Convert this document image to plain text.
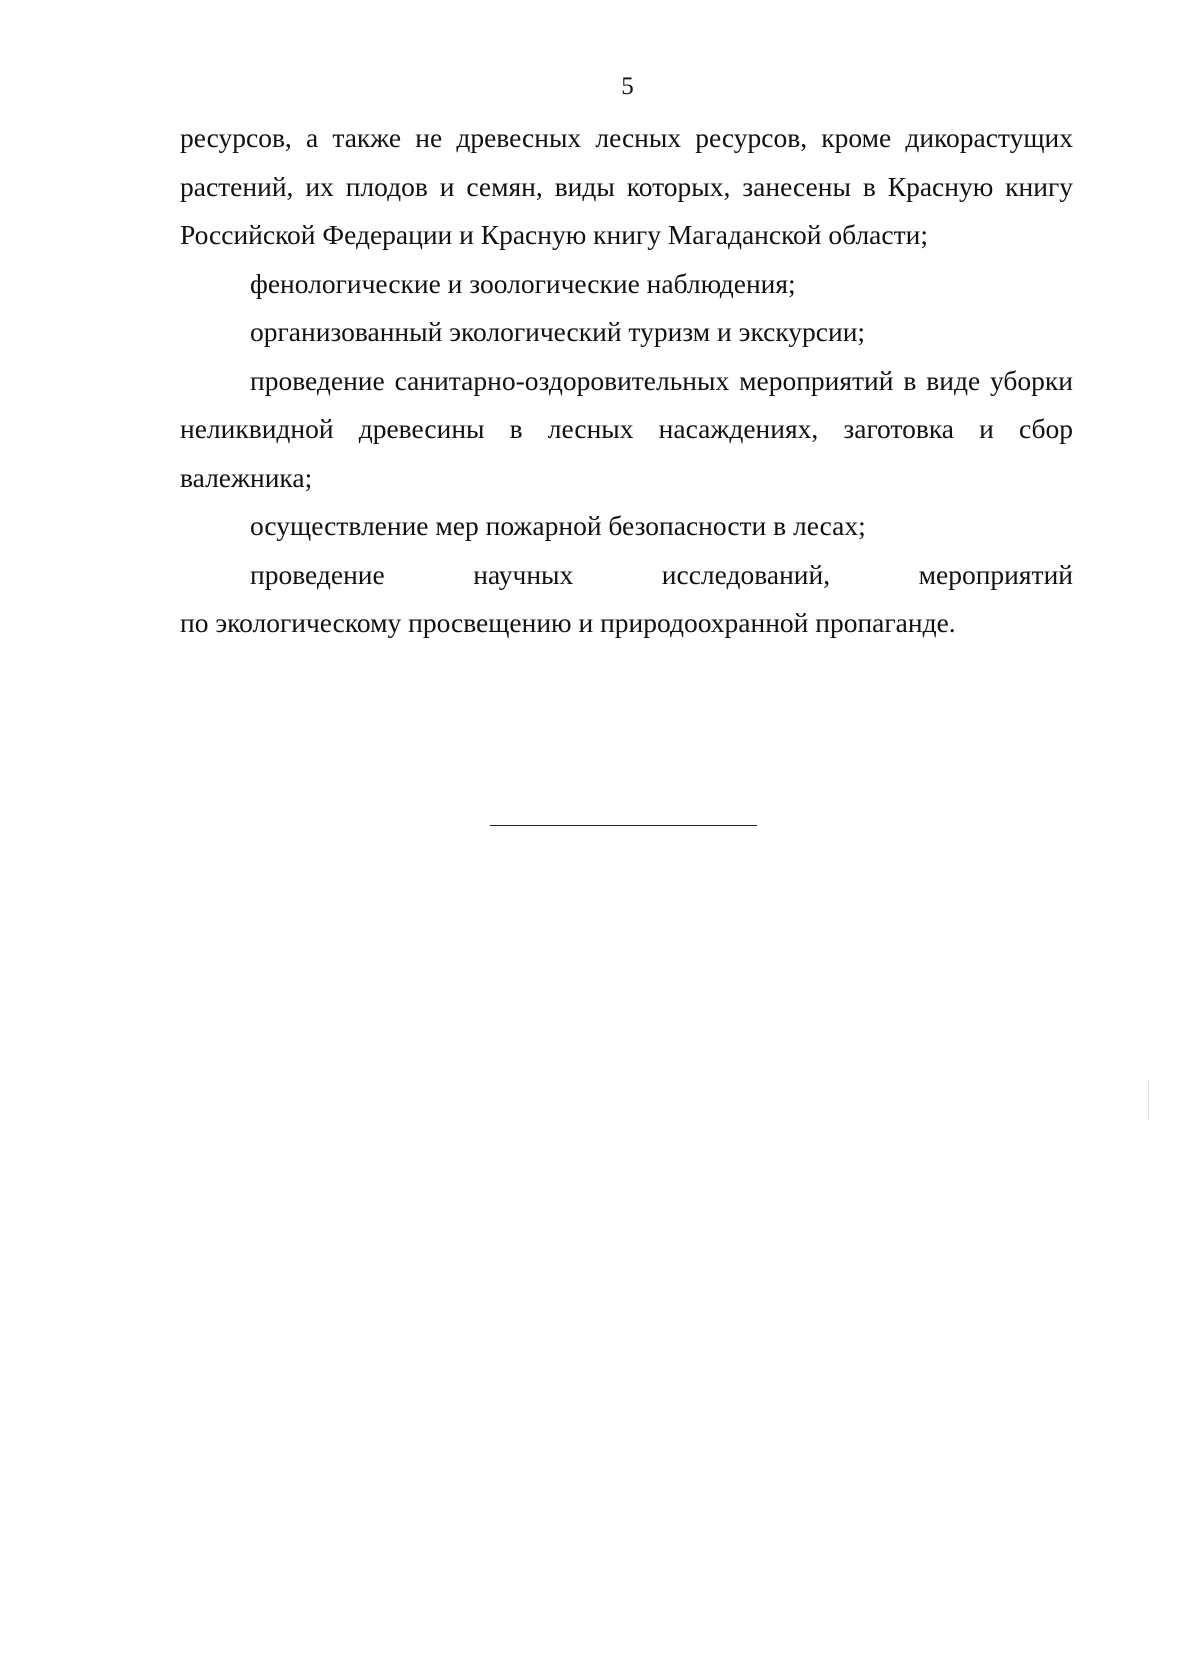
5

ресурсов, а также не древесных лесных ресурсов, кроме дикорастущих растений, их плодов и семян, виды которых, занесены в Красную книгу Российской Федерации и Красную книгу Магаданской области;

фенологические и зоологические наблюдения;

организованный экологический туризм и экскурсии;

проведение санитарно-оздоровительных мероприятий в виде уборки неликвидной древесины в лесных насаждениях, заготовка и сбор валежника;

осуществление мер пожарной безопасности в лесах;

проведение научных исследований, мероприятий

по экологическому просвещению и природоохранной пропаганде.
